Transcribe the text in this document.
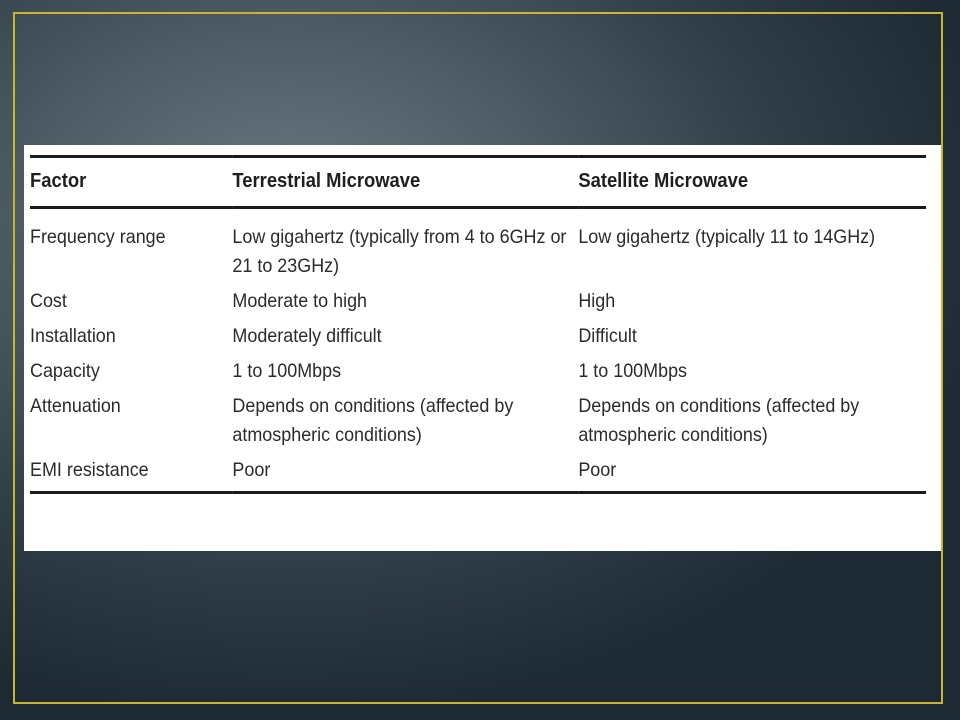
Factor	Terrestrial Microwave	Satellite Microwave
Frequency range	Low gigahertz (typically from 4 to 6GHz or 21 to 23GHz)	Low gigahertz (typically 11 to 14GHz)
Cost	Moderate to high	High
Installation	Moderately difficult	Difficult
Capacity	1 to 100Mbps	1 to 100Mbps
Attenuation	Depends on conditions (affected by atmospheric conditions)	Depends on conditions (affected by atmospheric conditions)
EMI resistance	Poor	Poor
